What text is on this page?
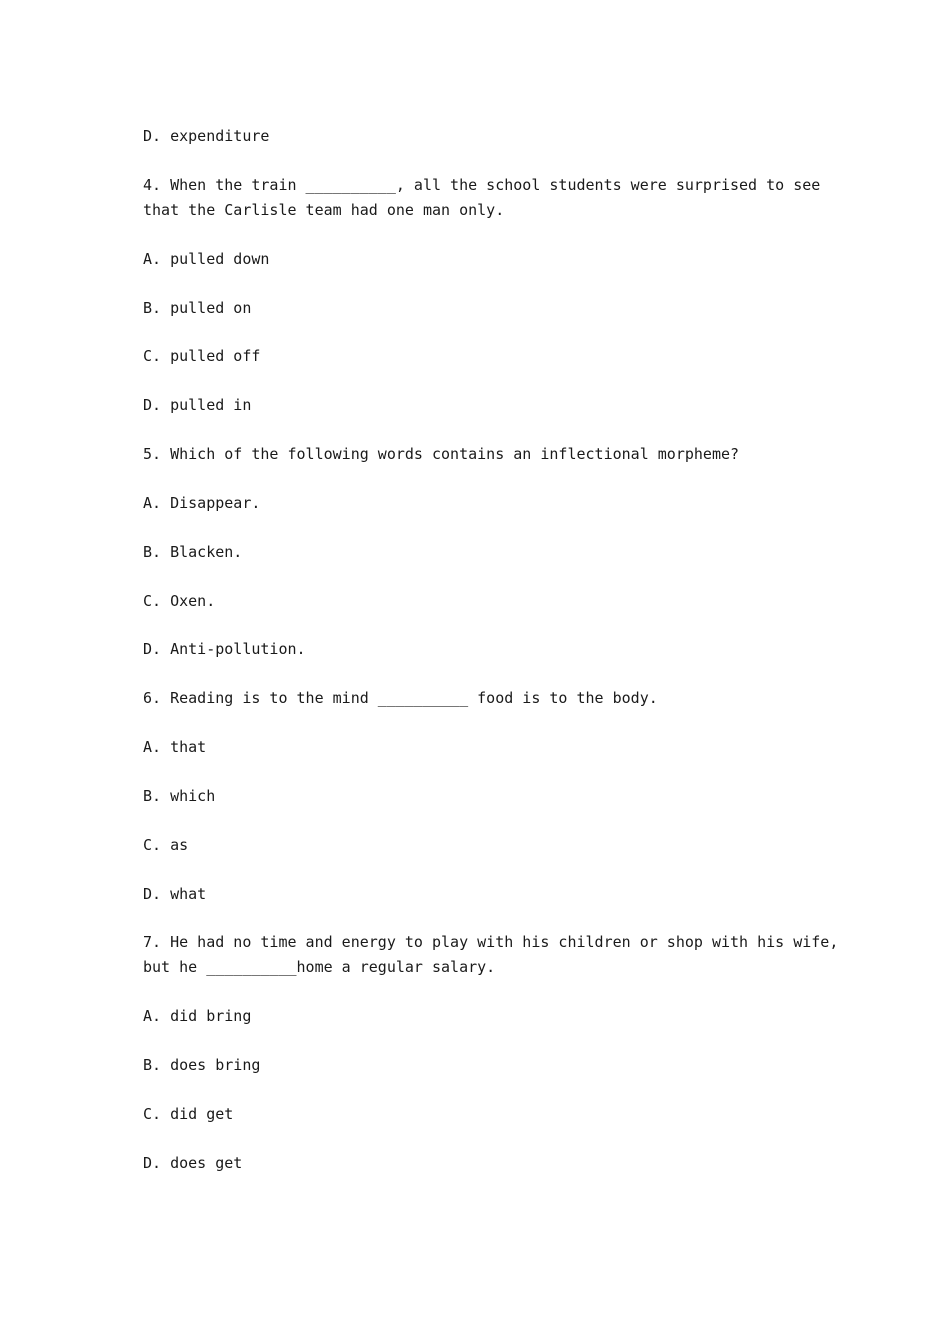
D. expenditure
4. When the train __________, all the school students were surprised to see
that the Carlisle team had one man only.
A. pulled down
B. pulled on
C. pulled off
D. pulled in
5. Which of the following words contains an inflectional morpheme?
A. Disappear.
B. Blacken.
C. Oxen.
D. Anti-pollution.
6. Reading is to the mind __________ food is to the body.
A. that
B. which
C. as
D. what
7. He had no time and energy to play with his children or shop with his wife,
but he __________home a regular salary.
A. did bring
B. does bring
C. did get
D. does get
